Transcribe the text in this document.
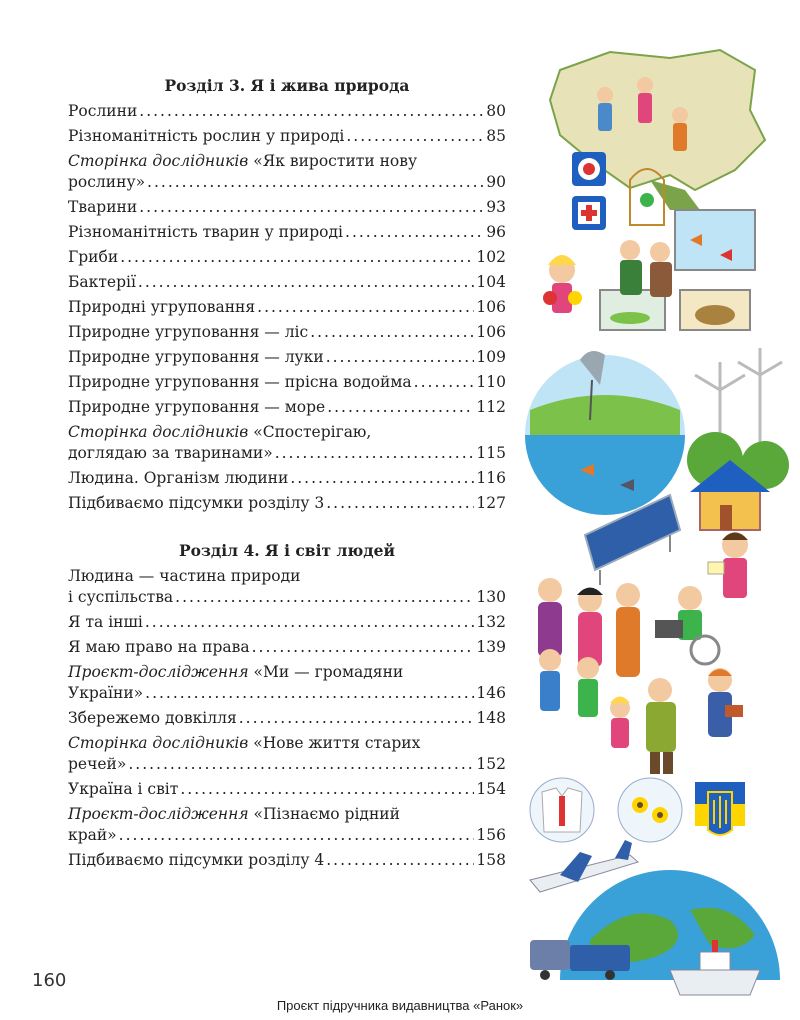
Розділ 3. Я і жива природа
Рослини .....	80
Різноманітність рослин у природі .....	85
Сторінка дослідників «Як виростити нову
рослину» .....	90
Тварини .....	93
Різноманітність тварин у природі .....	96
Гриби .....	102
Бактерії .....	104
Природні угруповання .....	106
Природне угруповання — ліс .....	106
Природне угруповання — луки .....	109
Природне угруповання — прісна водойма .....	110
Природне угруповання — море .....	112
Сторінка дослідників «Спостерігаю,
доглядаю за тваринами» .....	115
Людина. Організм людини .....	116
Підбиваємо підсумки розділу 3 .....	127
Розділ 4. Я і світ людей
Людина — частина природи
і суспільства .....	130
Я та інші .....	132
Я маю право на права .....	139
Проєкт-дослідження «Ми — громадяни
України» .....	146
Збережемо довкілля .....	148
Сторінка дослідників «Нове життя старих
речей» .....	152
Україна і світ .....	154
Проєкт-дослідження «Пізнаємо рідний
край» .....	156
Підбиваємо підсумки розділу 4 .....	158
160
Проєкт підручника видавництва «Ранок»
